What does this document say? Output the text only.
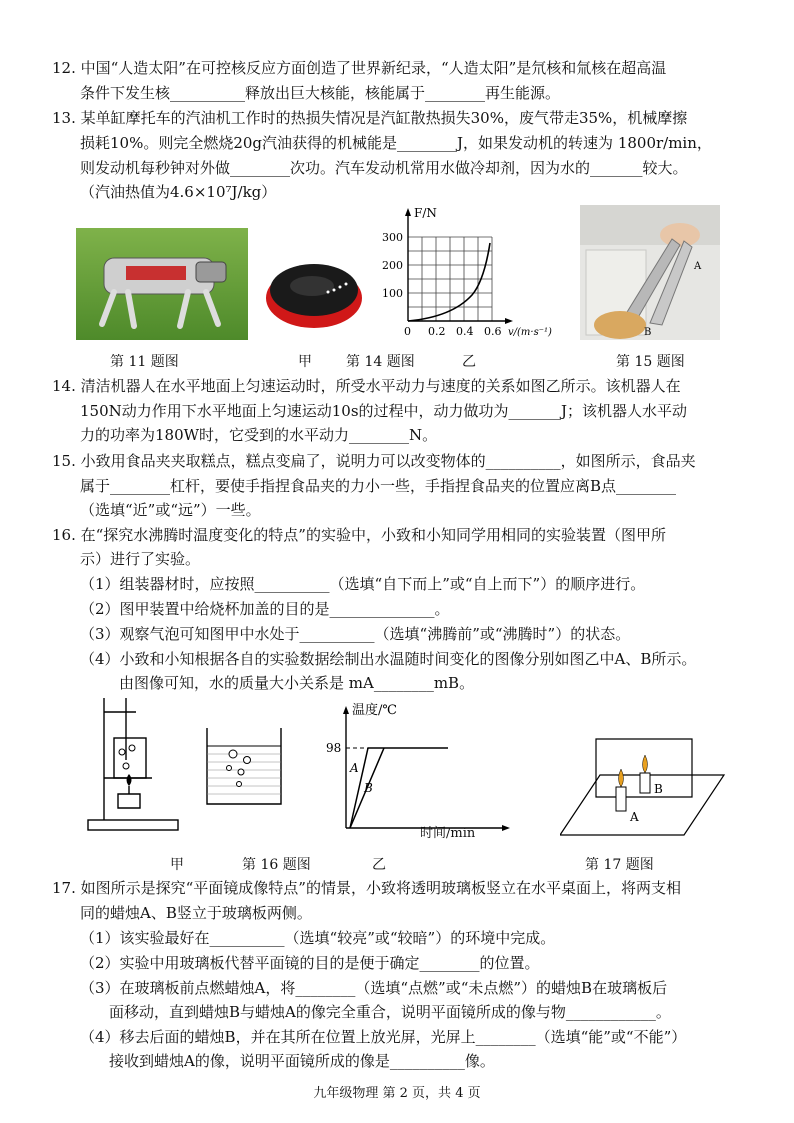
12. 中国“人造太阳”在可控核反应方面创造了世界新纪录，“人造太阳”是氘核和氚核在超高温
条件下发生核__________释放出巨大核能，核能属于________再生能源。
13. 某单缸摩托车的汽油机工作时的热损失情况是汽缸散热损失30%，废气带走35%，机械摩擦
损耗10%。则完全燃烧20g汽油获得的机械能是________J，如果发动机的转速为 1800r/min，
则发动机每秒钟对外做________次功。汽车发动机常用水做冷却剂，因为水的_______较大。
（汽油热值为4.6×10⁷J/kg）
第 11 题图	甲 第 14 题图	乙
F/N
300
200
100
0 0.2 0.4 0.6 v/(m·s⁻¹)
A
B
第 15 题图
14. 清洁机器人在水平地面上匀速运动时，所受水平动力与速度的关系如图乙所示。该机器人在
150N动力作用下水平地面上匀速运动10s的过程中，动力做功为_______J；该机器人水平动
力的功率为180W时，它受到的水平动力________N。
15. 小致用食品夹夹取糕点，糕点变扁了，说明力可以改变物体的__________，如图所示，食品夹
属于________杠杆，要使手指捏食品夹的力小一些，手指捏食品夹的位置应离B点________
（选填“近”或“远”）一些。
16. 在“探究水沸腾时温度变化的特点”的实验中，小致和小知同学用相同的实验装置（图甲所
示）进行了实验。
（1）组装器材时，应按照__________（选填“自下而上”或“自上而下”）的顺序进行。
（2）图甲装置中给烧杯加盖的目的是______________。
（3）观察气泡可知图甲中水处于__________（选填“沸腾前”或“沸腾时”）的状态。
（4）小致和小知根据各自的实验数据绘制出水温随时间变化的图像分别如图乙中A、B所示。
由图像可知，水的质量大小关系是 mA________mB。
温度/℃
98
A
B
时间/min
B
A
甲	第 16 题图	乙	第 17 题图
17. 如图所示是探究“平面镜成像特点”的情景，小致将透明玻璃板竖立在水平桌面上，将两支相
同的蜡烛A、B竖立于玻璃板两侧。
（1）该实验最好在__________（选填“较亮”或“较暗”）的环境中完成。
（2）实验中用玻璃板代替平面镜的目的是便于确定________的位置。
（3）在玻璃板前点燃蜡烛A，将________（选填“点燃”或“未点燃”）的蜡烛B在玻璃板后
面移动，直到蜡烛B与蜡烛A的像完全重合，说明平面镜所成的像与物____________。
（4）移去后面的蜡烛B，并在其所在位置上放光屏，光屏上________（选填“能”或“不能”）
接收到蜡烛A的像，说明平面镜所成的像是__________像。
九年级物理 第 2 页，共 4 页
